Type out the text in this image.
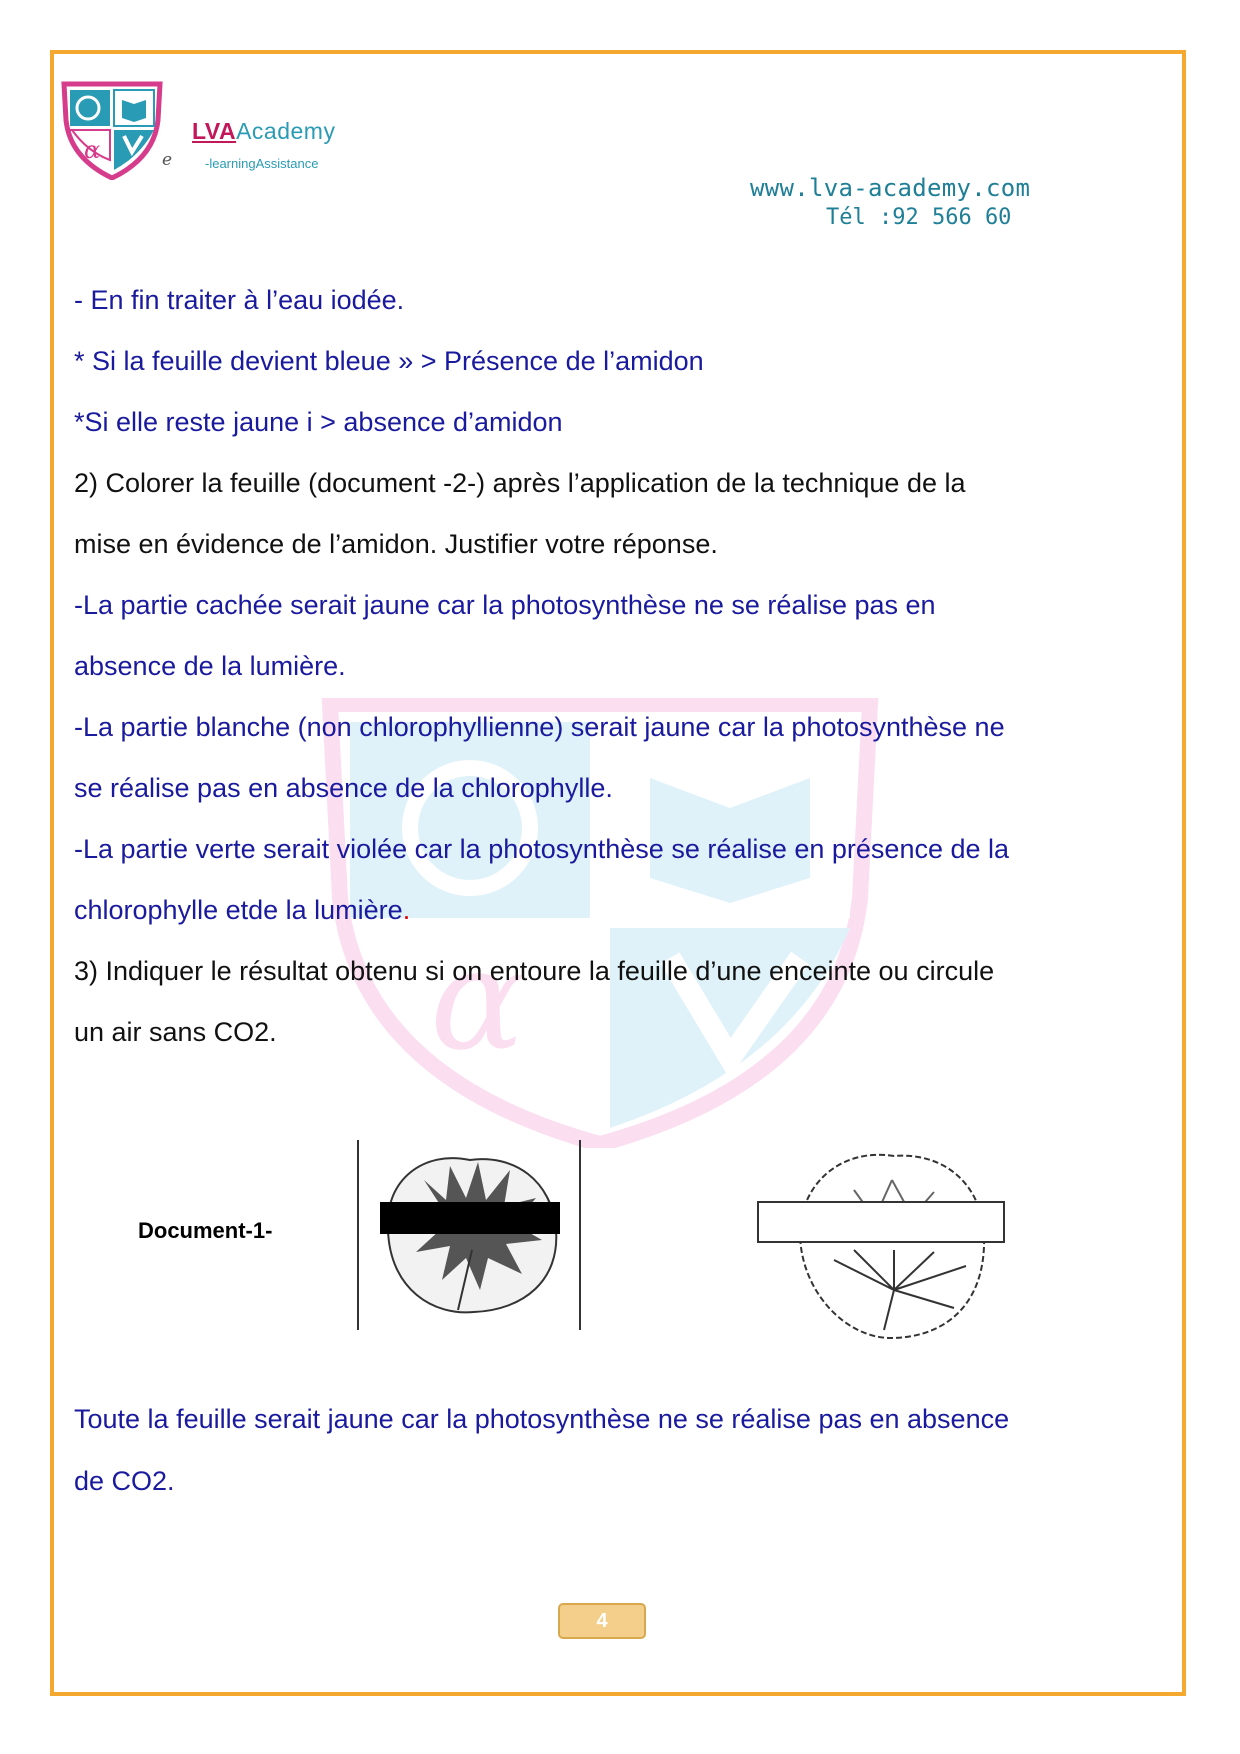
α
LVAAcademy
e	-learningAssistance
www.lva-academy.com
Tél :92 566 60
α
- En fin traiter à l’eau iodée.
* Si la feuille devient bleue » > Présence de l’amidon
*Si elle reste jaune i > absence d’amidon
2) Colorer la feuille (document -2-) après l’application de la technique de la
mise en évidence de l’amidon. Justifier votre réponse.
-La partie cachée serait jaune car la photosynthèse ne se réalise pas en
absence de la lumière.
-La partie blanche (non chlorophyllienne) serait jaune car la photosynthèse ne
se réalise pas en absence de la chlorophylle.
-La partie verte serait violée car la photosynthèse se réalise en présence de la
chlorophylle etde la lumière.
3) Indiquer le résultat obtenu si on entoure la feuille d’une enceinte ou circule
un air sans CO2.
Document-1-
Toute la feuille serait jaune car la photosynthèse ne se réalise pas en absence
de CO2.
4
